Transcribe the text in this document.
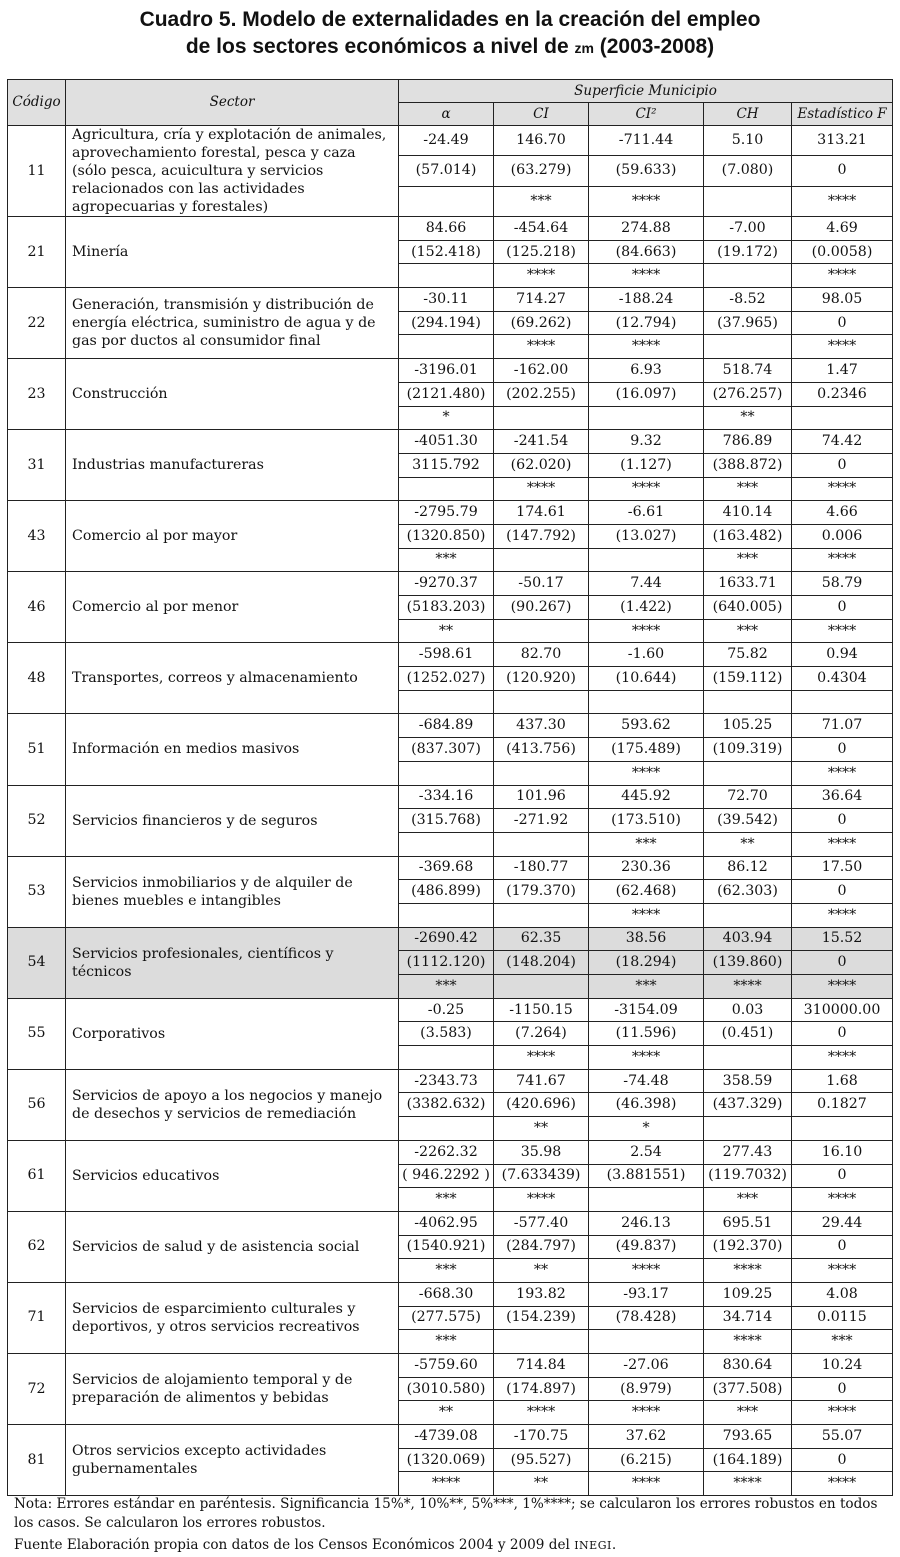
Cuadro 5. Modelo de externalidades en la creación del empleo
de los sectores económicos a nivel de zm (2003-2008)
Código	Sector	Superficie Municipio				
		α	CI	CI²	CH	Estadístico F
11	Agricultura, cría y explotación de animales, aprovechamiento forestal, pesca y caza (sólo pesca, acuicultura y servicios relacionados con las actividades agropecuarias y forestales)	-24.49	146.70	-711.44	5.10	313.21
		(57.014)	(63.279)	(59.633)	(7.080)	0
			***	****		****
21	Minería	84.66	-454.64	274.88	-7.00	4.69
		(152.418)	(125.218)	(84.663)	(19.172)	(0.0058)
			****	****		****
22	Generación, transmisión y distribución de energía eléctrica, suministro de agua y de gas por ductos al consumidor final	-30.11	714.27	-188.24	-8.52	98.05
		(294.194)	(69.262)	(12.794)	(37.965)	0
			****	****		****
23	Construcción	-3196.01	-162.00	6.93	518.74	1.47
		(2121.480)	(202.255)	(16.097)	(276.257)	0.2346
		*			**	
31	Industrias manufactureras	-4051.30	-241.54	9.32	786.89	74.42
		3115.792	(62.020)	(1.127)	(388.872)	0
			****	****	***	****
43	Comercio al por mayor	-2795.79	174.61	-6.61	410.14	4.66
		(1320.850)	(147.792)	(13.027)	(163.482)	0.006
		***			***	****
46	Comercio al por menor	-9270.37	-50.17	7.44	1633.71	58.79
		(5183.203)	(90.267)	(1.422)	(640.005)	0
		**		****	***	****
48	Transportes, correos y almacenamiento	-598.61	82.70	-1.60	75.82	0.94
		(1252.027)	(120.920)	(10.644)	(159.112)	0.4304

51	Información en medios masivos	-684.89	437.30	593.62	105.25	71.07
		(837.307)	(413.756)	(175.489)	(109.319)	0
				****		****
52	Servicios financieros y de seguros	-334.16	101.96	445.92	72.70	36.64
		(315.768)	-271.92	(173.510)	(39.542)	0
				***	**	****
53	Servicios inmobiliarios y de alquiler de bienes muebles e intangibles	-369.68	-180.77	230.36	86.12	17.50
		(486.899)	(179.370)	(62.468)	(62.303)	0
				****		****
54	Servicios profesionales, científicos y técnicos	-2690.42	62.35	38.56	403.94	15.52
		(1112.120)	(148.204)	(18.294)	(139.860)	0
		***		***	****	****
55	Corporativos	-0.25	-1150.15	-3154.09	0.03	310000.00
		(3.583)	(7.264)	(11.596)	(0.451)	0
			****	****		****
56	Servicios de apoyo a los negocios y manejo de desechos y servicios de remediación	-2343.73	741.67	-74.48	358.59	1.68
		(3382.632)	(420.696)	(46.398)	(437.329)	0.1827
			**	*		
61	Servicios educativos	-2262.32	35.98	2.54	277.43	16.10
		( 946.2292 )	(7.633439)	(3.881551)	(119.7032)	0
		***	****		***	****
62	Servicios de salud y de asistencia social	-4062.95	-577.40	246.13	695.51	29.44
		(1540.921)	(284.797)	(49.837)	(192.370)	0
		***	**	****	****	****
71	Servicios de esparcimiento culturales y deportivos, y otros servicios recreativos	-668.30	193.82	-93.17	109.25	4.08
		(277.575)	(154.239)	(78.428)	34.714	0.0115
		***			****	***
72	Servicios de alojamiento temporal y de preparación de alimentos y bebidas	-5759.60	714.84	-27.06	830.64	10.24
		(3010.580)	(174.897)	(8.979)	(377.508)	0
		**	****	****	***	****
81	Otros servicios excepto actividades gubernamentales	-4739.08	-170.75	37.62	793.65	55.07
		(1320.069)	(95.527)	(6.215)	(164.189)	0
		****	**	****	****	****
Nota: Errores estándar en paréntesis. Significancia 15%*, 10%**, 5%***, 1%****; se calcularon los errores robustos en todos los casos. Se calcularon los errores robustos.
Fuente Elaboración propia con datos de los Censos Económicos 2004 y 2009 del INEGI.
